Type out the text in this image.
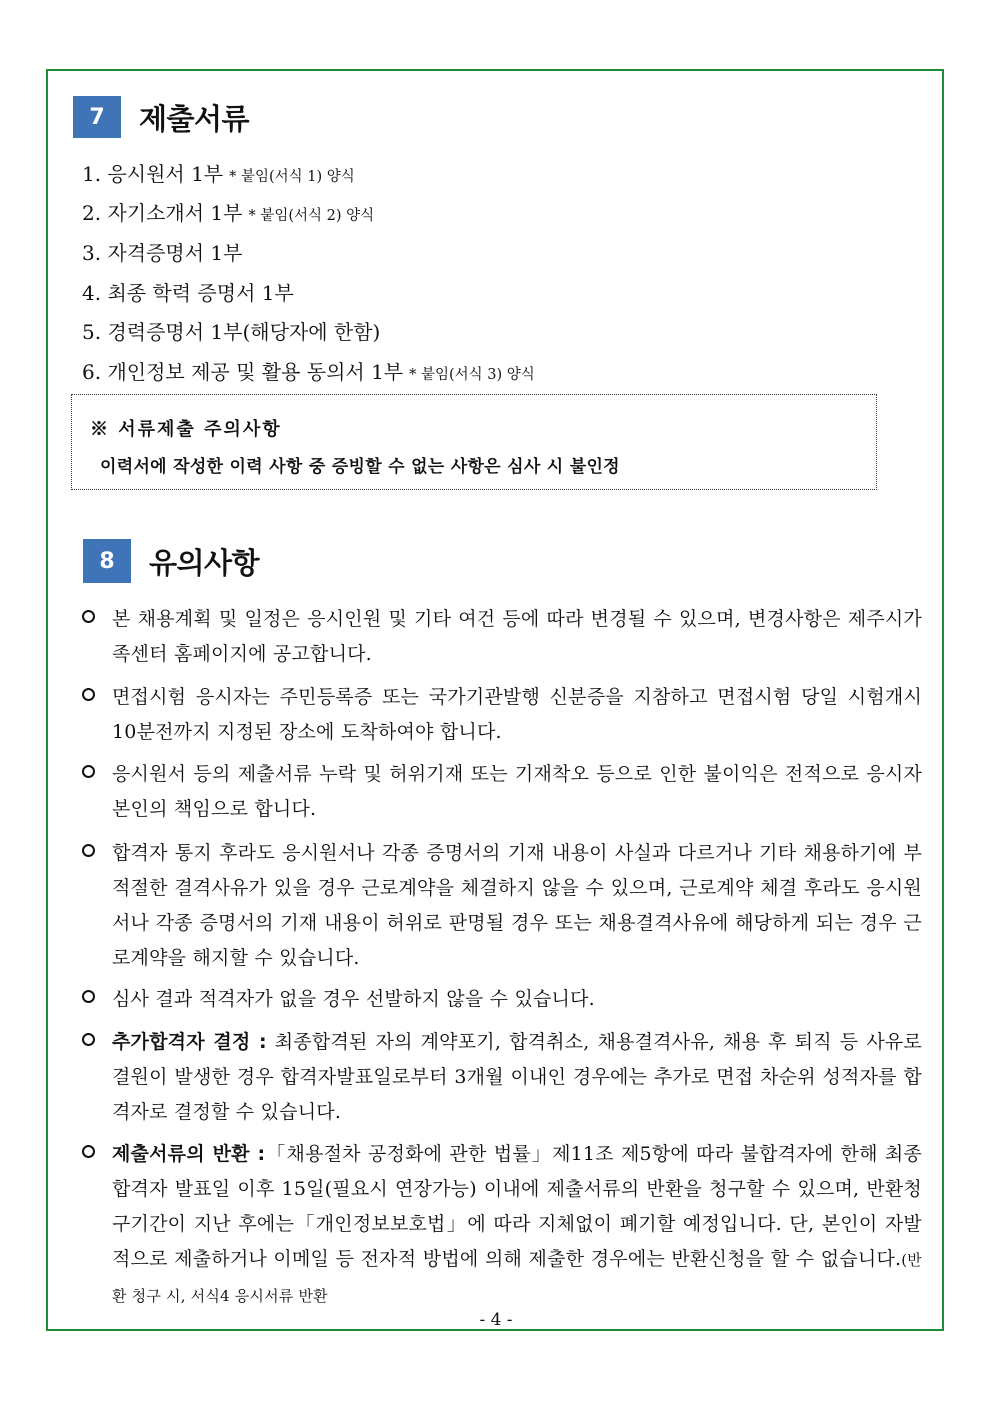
7	제출서류
1. 응시원서 1부 * 붙임(서식 1) 양식
2. 자기소개서 1부 * 붙임(서식 2) 양식
3. 자격증명서 1부
4. 최종 학력 증명서 1부
5. 경력증명서 1부(해당자에 한함)
6. 개인정보 제공 및 활용 동의서 1부 * 붙임(서식 3) 양식
※ 서류제출 주의사항
이력서에 작성한 이력 사항 중 증빙할 수 없는 사항은 심사 시 불인정
8	유의사항
본 채용계획 및 일정은 응시인원 및 기타 여건 등에 따라 변경될 수 있으며, 변경사항은 제주시가족센터 홈페이지에 공고합니다.
면접시험 응시자는 주민등록증 또는 국가기관발행 신분증을 지참하고 면접시험 당일 시험개시 10분전까지 지정된 장소에 도착하여야 합니다.
응시원서 등의 제출서류 누락 및 허위기재 또는 기재착오 등으로 인한 불이익은 전적으로 응시자 본인의 책임으로 합니다.
합격자 통지 후라도 응시원서나 각종 증명서의 기재 내용이 사실과 다르거나 기타 채용하기에 부적절한 결격사유가 있을 경우 근로계약을 체결하지 않을 수 있으며, 근로계약 체결 후라도 응시원서나 각종 증명서의 기재 내용이 허위로 판명될 경우 또는 채용결격사유에 해당하게 되는 경우 근로계약을 해지할 수 있습니다.
심사 결과 적격자가 없을 경우 선발하지 않을 수 있습니다.
추가합격자 결정 : 최종합격된 자의 계약포기, 합격취소, 채용결격사유, 채용 후 퇴직 등 사유로 결원이 발생한 경우 합격자발표일로부터 3개월 이내인 경우에는 추가로 면접 차순위 성적자를 합격자로 결정할 수 있습니다.
제출서류의 반환 :「채용절차 공정화에 관한 법률」제11조 제5항에 따라 불합격자에 한해 최종합격자 발표일 이후 15일(필요시 연장가능) 이내에 제출서류의 반환을 청구할 수 있으며, 반환청구기간이 지난 후에는「개인정보보호법」에 따라 지체없이 폐기할 예정입니다. 단, 본인이 자발적으로 제출하거나 이메일 등 전자적 방법에 의해 제출한 경우에는 반환신청을 할 수 없습니다.(반환 청구 시, 서식4 응시서류 반환
- 4 -
